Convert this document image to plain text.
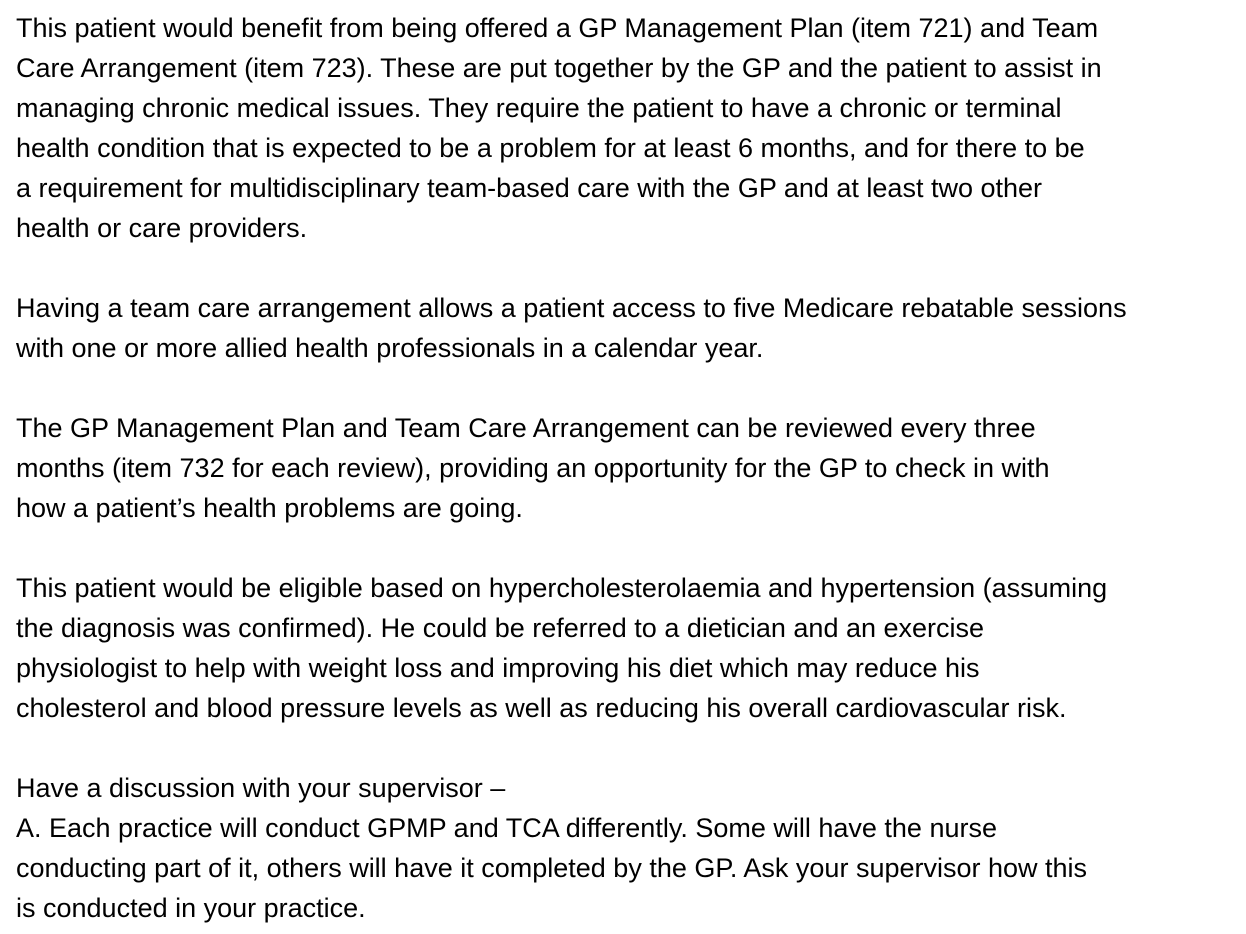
This patient would benefit from being offered a GP Management Plan (item 721) and Team
Care Arrangement (item 723). These are put together by the GP and the patient to assist in
managing chronic medical issues. They require the patient to have a chronic or terminal
health condition that is expected to be a problem for at least 6 months, and for there to be
a requirement for multidisciplinary team-based care with the GP and at least two other
health or care providers.

Having a team care arrangement allows a patient access to five Medicare rebatable sessions
with one or more allied health professionals in a calendar year.

The GP Management Plan and Team Care Arrangement can be reviewed every three
months (item 732 for each review), providing an opportunity for the GP to check in with
how a patient’s health problems are going.

This patient would be eligible based on hypercholesterolaemia and hypertension (assuming
the diagnosis was confirmed). He could be referred to a dietician and an exercise
physiologist to help with weight loss and improving his diet which may reduce his
cholesterol and blood pressure levels as well as reducing his overall cardiovascular risk.

Have a discussion with your supervisor –
A. Each practice will conduct GPMP and TCA differently. Some will have the nurse
conducting part of it, others will have it completed by the GP. Ask your supervisor how this
is conducted in your practice.
